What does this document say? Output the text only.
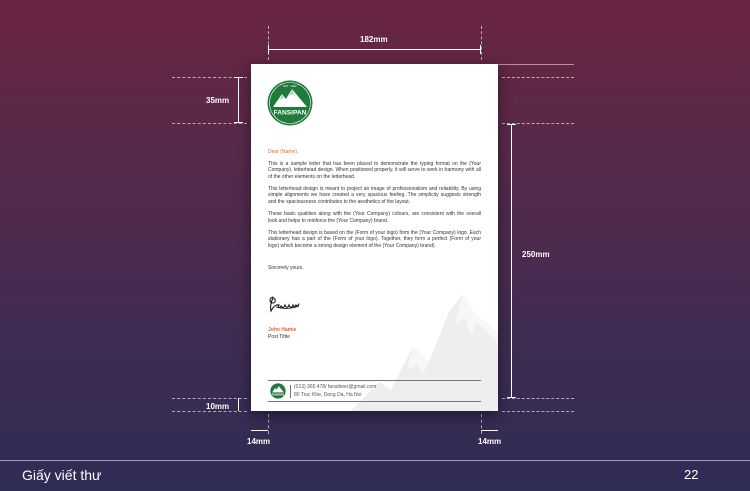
182mm
35mm
250mm
10mm
14mm	14mm
FANSIPAN
EST · 1992

Dear (Name),

This is a sample letter that has been placed to demonstrate the typing format on the (Your Company). letterhead design. When positioned properly, it will serve to work in harmony with all of the other elements on the letterhead.

This letterhead design is meant to project an image of professionalism and reliability. By using simple alignments we have created a very spacious feeling. The simplicity suggests strength and the spaciousness contributes to the aesthetics of the layout.

These basic qualities along with the (Your Company) colours, are consistent with the overall look and helps to reinforce the (Your Company) brand.

This letterhead design is based on the (Form of your logo) form the (Your Company) logo. Each stationery has a part of the (Form of your logo). Together, they form a perfect (Form of your logo) which become a strong design element of the (Your Company) brand).

Sincerely yours,

John Hamie
Post Tittle
FANSIPAN
(013) 365 478/ fansibeer@gmail.com
80 Truc Khe, Dong Da, Ha Noi
Giấy viết thư	22
